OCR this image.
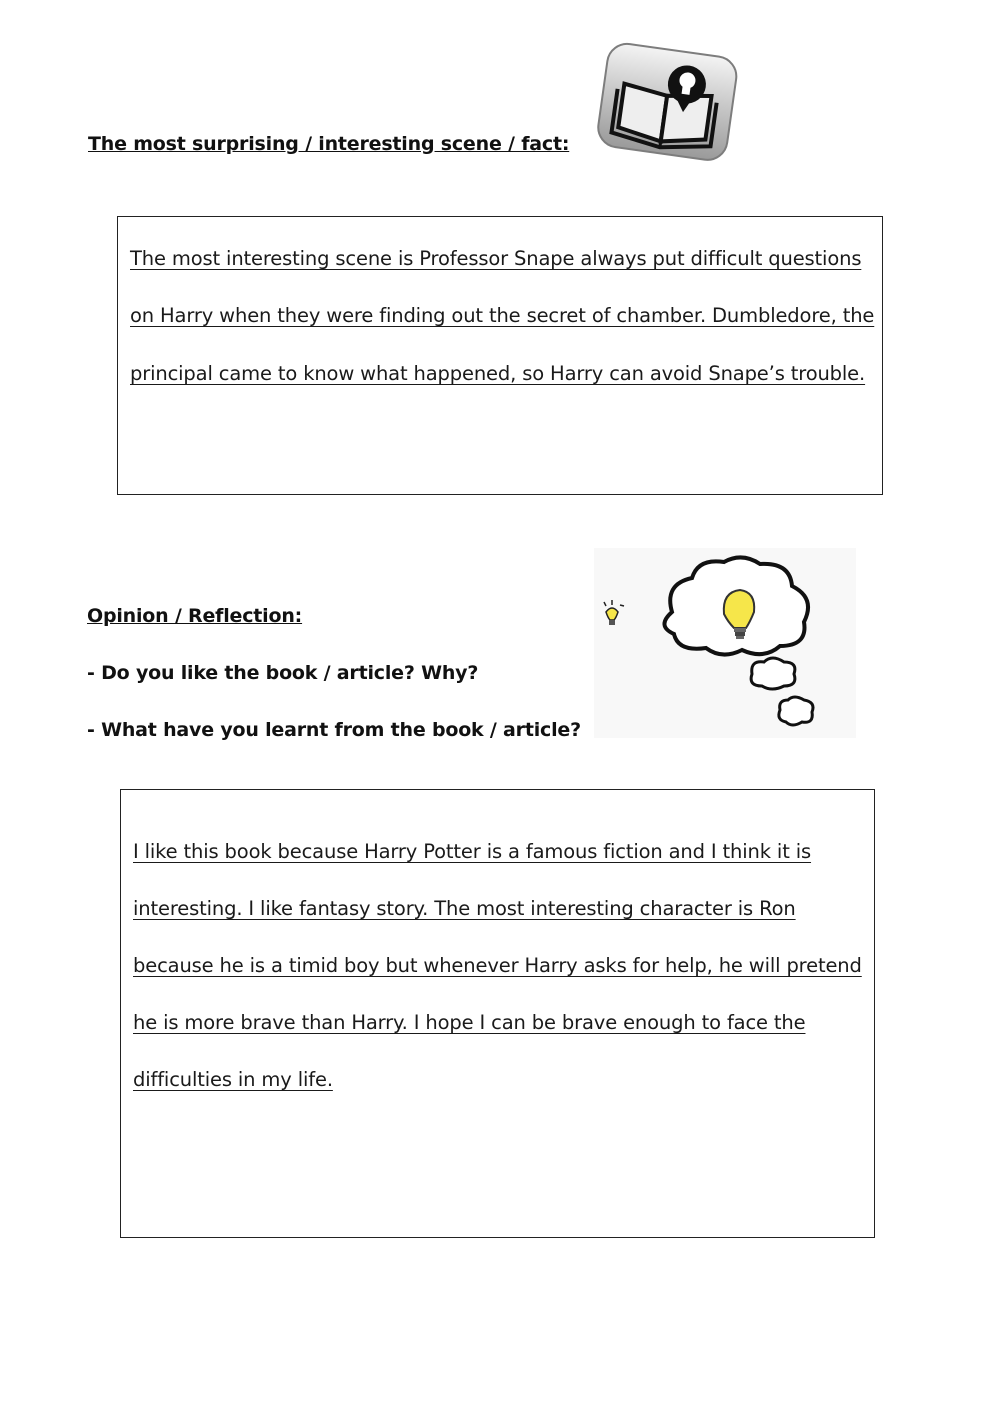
The most surprising / interesting scene / fact:
The most interesting scene is Professor Snape always put difficult questions
on Harry when they were finding out the secret of chamber. Dumbledore, the
principal came to know what happened, so Harry can avoid Snape’s trouble.
Opinion / Reflection:
- Do you like the book / article? Why?
- What have you learnt from the book / article?
I like this book because Harry Potter is a famous fiction and I think it is
interesting. I like fantasy story. The most interesting character is Ron
because he is a timid boy but whenever Harry asks for help, he will pretend
he is more brave than Harry. I hope I can be brave enough to face the
difficulties in my life.
